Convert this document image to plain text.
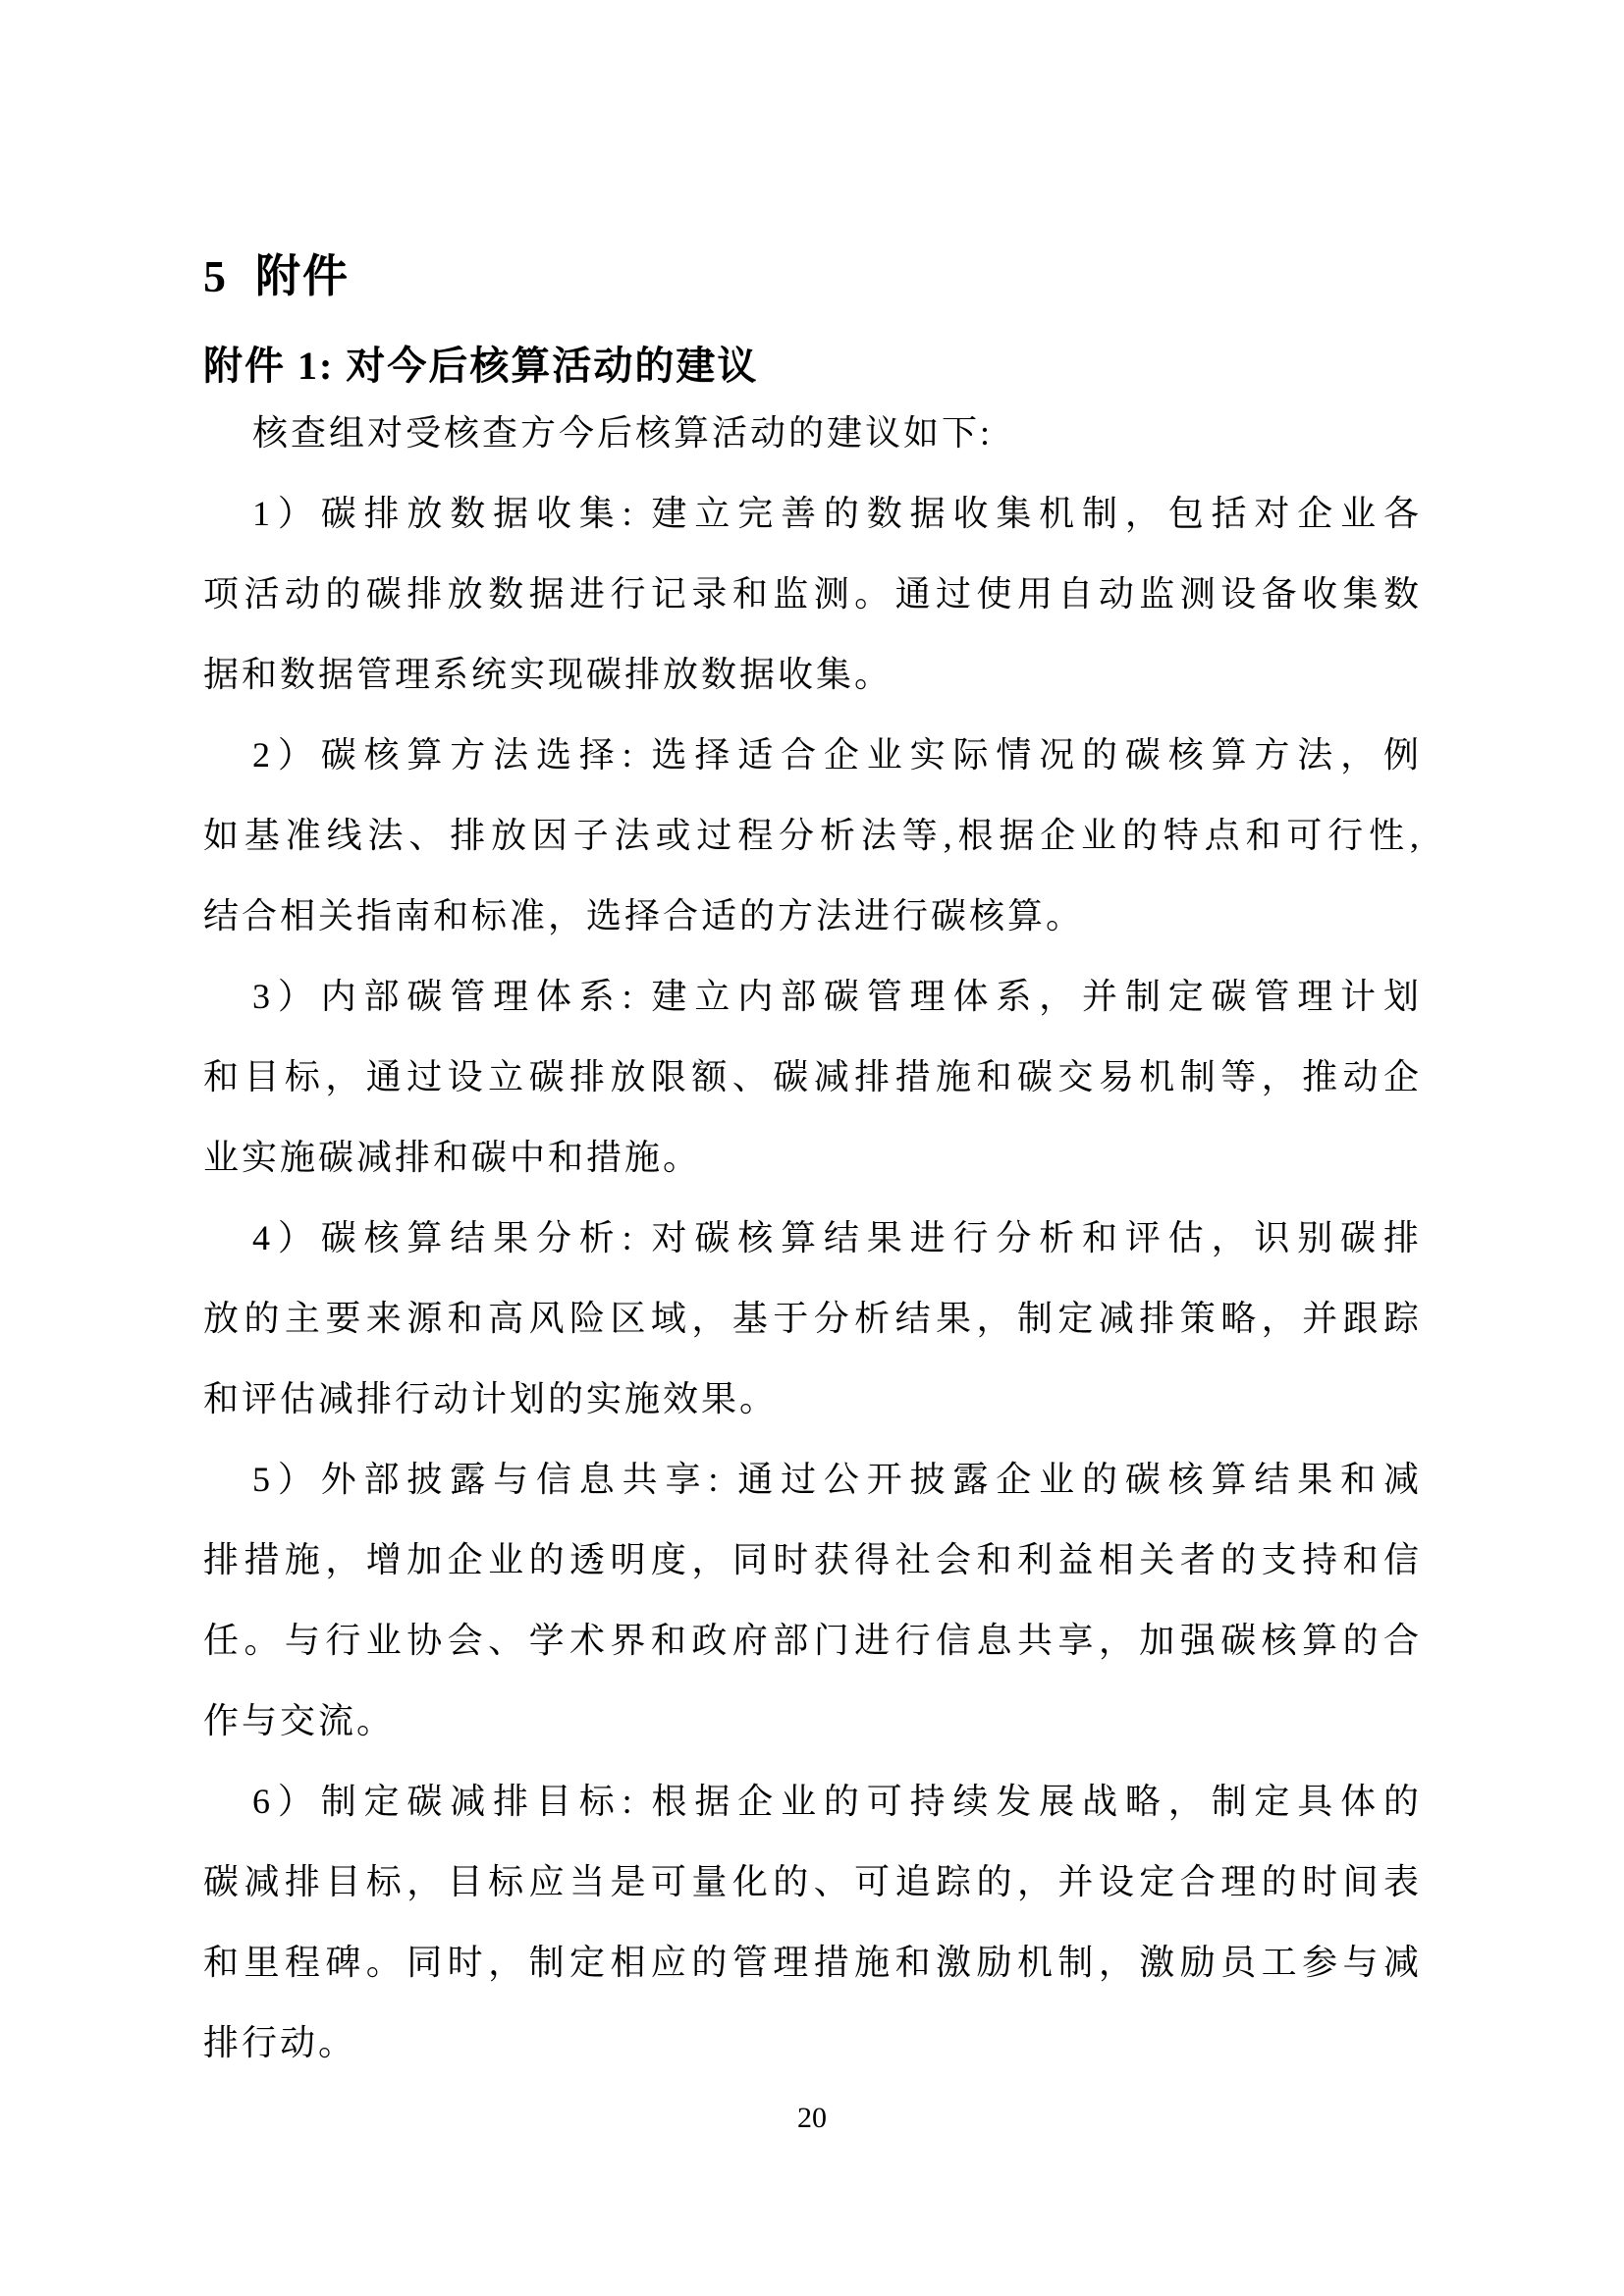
5 附件
附件 1: 对今后核算活动的建议
核查组对受核查方今后核算活动的建议如下:
1）碳排放数据收集: 建立完善的数据收集机制，包括对企业各
项活动的碳排放数据进行记录和监测。通过使用自动监测设备收集数
据和数据管理系统实现碳排放数据收集。
2）碳核算方法选择: 选择适合企业实际情况的碳核算方法，例
如基准线法、排放因子法或过程分析法等,根据企业的特点和可行性,
结合相关指南和标准，选择合适的方法进行碳核算。
3）内部碳管理体系: 建立内部碳管理体系，并制定碳管理计划
和目标，通过设立碳排放限额、碳减排措施和碳交易机制等，推动企
业实施碳减排和碳中和措施。
4）碳核算结果分析: 对碳核算结果进行分析和评估，识别碳排
放的主要来源和高风险区域，基于分析结果，制定减排策略，并跟踪
和评估减排行动计划的实施效果。
5）外部披露与信息共享: 通过公开披露企业的碳核算结果和减
排措施，增加企业的透明度，同时获得社会和利益相关者的支持和信
任。与行业协会、学术界和政府部门进行信息共享，加强碳核算的合
作与交流。
6）制定碳减排目标: 根据企业的可持续发展战略，制定具体的
碳减排目标，目标应当是可量化的、可追踪的，并设定合理的时间表
和里程碑。同时，制定相应的管理措施和激励机制，激励员工参与减
排行动。
20
